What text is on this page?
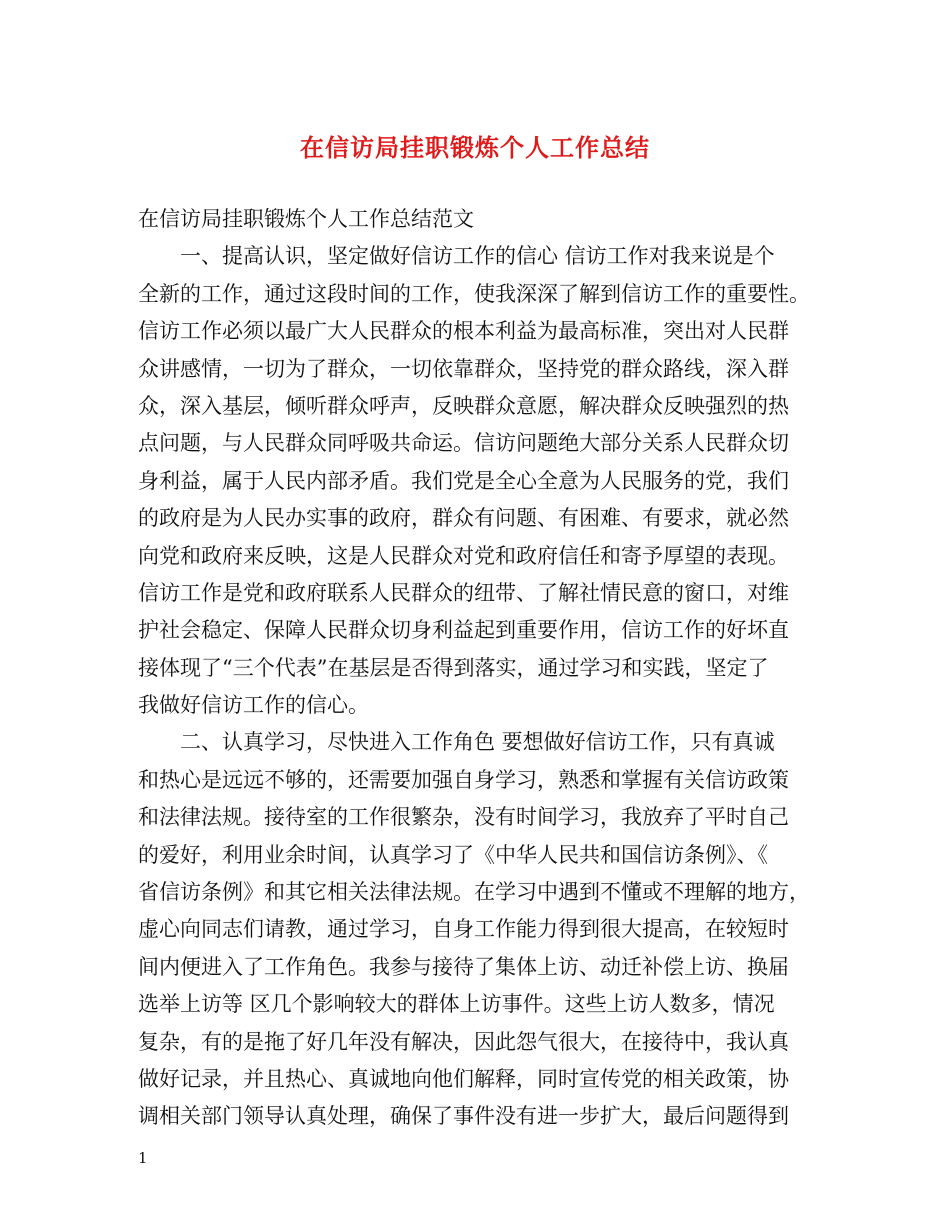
在信访局挂职锻炼个人工作总结
在信访局挂职锻炼个人工作总结范文
一、提高认识，坚定做好信访工作的信心 信访工作对我来说是个
全新的工作，通过这段时间的工作，使我深深了解到信访工作的重要性。
信访工作必须以最广大人民群众的根本利益为最高标准，突出对人民群
众讲感情，一切为了群众，一切依靠群众，坚持党的群众路线，深入群
众，深入基层，倾听群众呼声，反映群众意愿，解决群众反映强烈的热
点问题，与人民群众同呼吸共命运。信访问题绝大部分关系人民群众切
身利益，属于人民内部矛盾。我们党是全心全意为人民服务的党，我们
的政府是为人民办实事的政府，群众有问题、有困难、有要求，就必然
向党和政府来反映，这是人民群众对党和政府信任和寄予厚望的表现。
信访工作是党和政府联系人民群众的纽带、了解社情民意的窗口，对维
护社会稳定、保障人民群众切身利益起到重要作用，信访工作的好坏直
接体现了“三个代表”在基层是否得到落实，通过学习和实践，坚定了
我做好信访工作的信心。
二、认真学习，尽快进入工作角色 要想做好信访工作，只有真诚
和热心是远远不够的，还需要加强自身学习，熟悉和掌握有关信访政策
和法律法规。接待室的工作很繁杂，没有时间学习，我放弃了平时自己
的爱好，利用业余时间，认真学习了《中华人民共和国信访条例》、《
省信访条例》和其它相关法律法规。在学习中遇到不懂或不理解的地方，
虚心向同志们请教，通过学习，自身工作能力得到很大提高，在较短时
间内便进入了工作角色。我参与接待了集体上访、动迁补偿上访、换届
选举上访等 区几个影响较大的群体上访事件。这些上访人数多，情况
复杂，有的是拖了好几年没有解决，因此怨气很大，在接待中，我认真
做好记录，并且热心、真诚地向他们解释，同时宣传党的相关政策，协
调相关部门领导认真处理，确保了事件没有进一步扩大，最后问题得到
1
